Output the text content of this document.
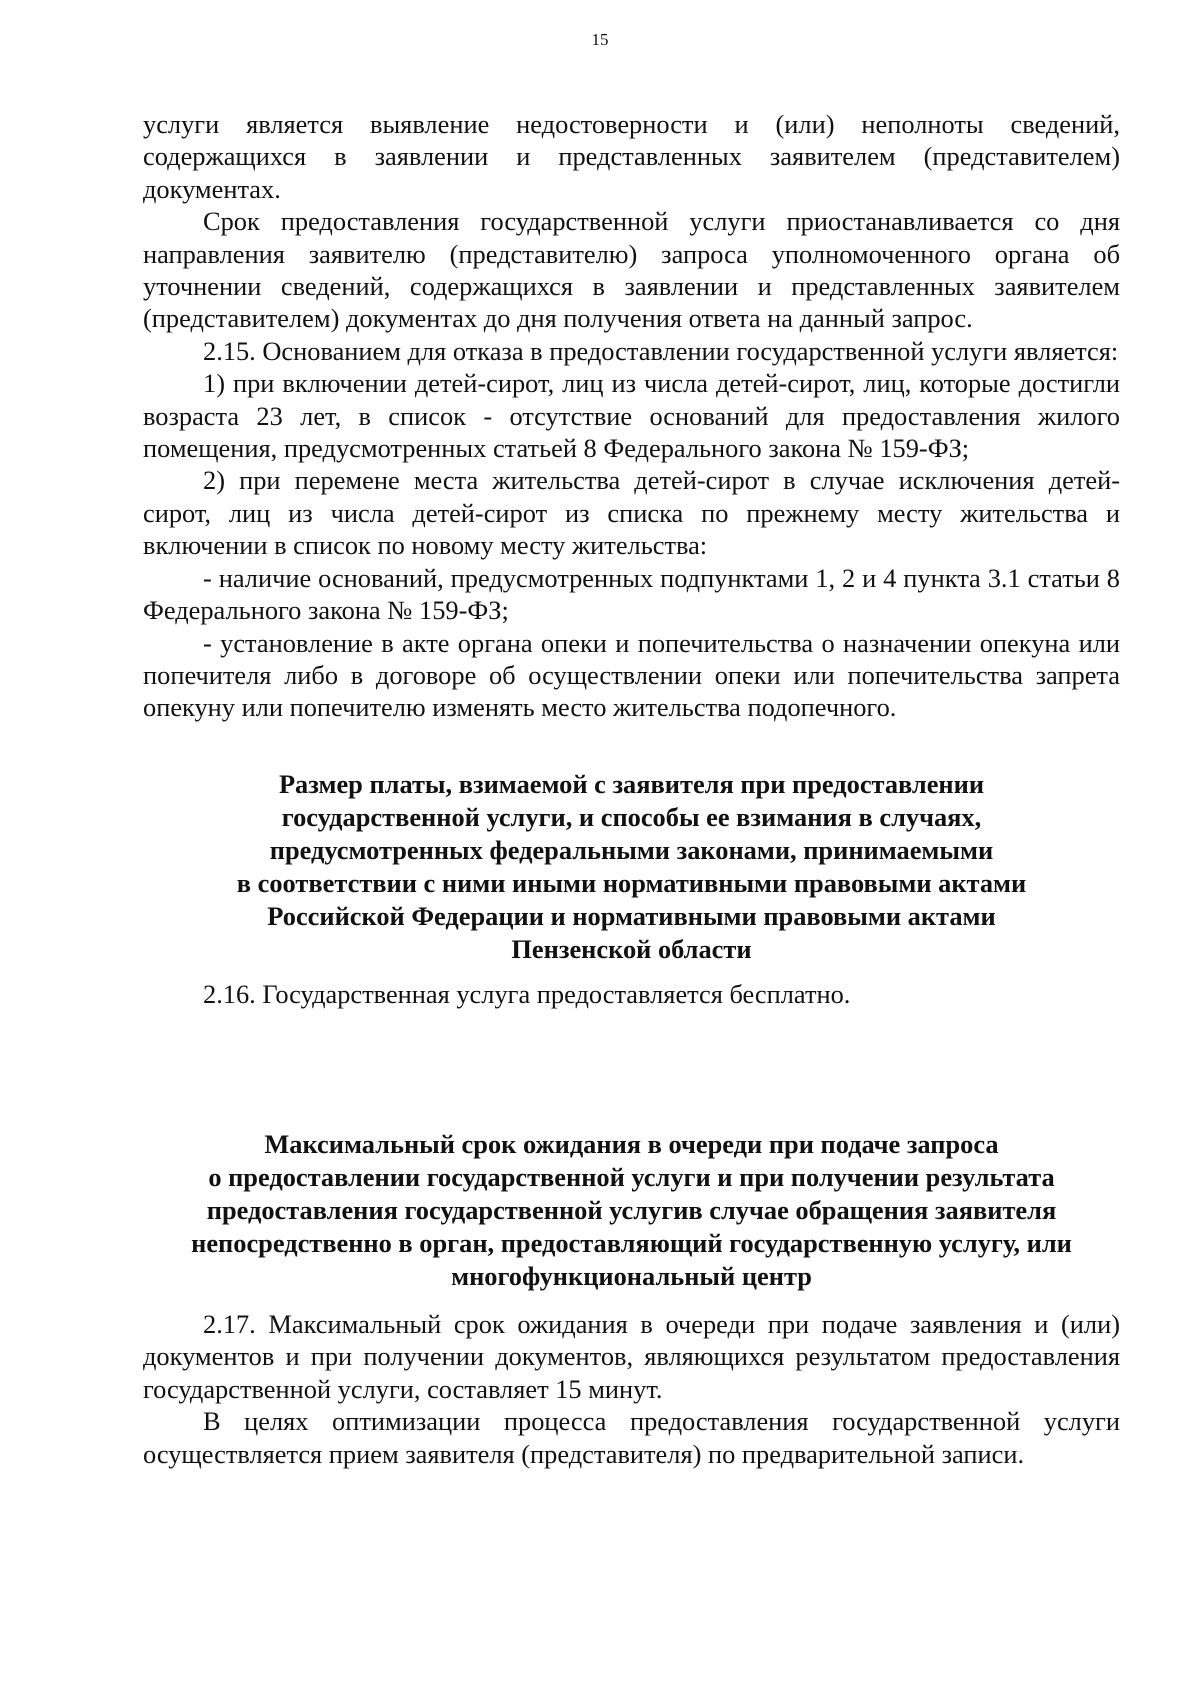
15

услуги является выявление недостоверности и (или) неполноты сведений, содержащихся в заявлении и представленных заявителем (представителем) документах.

Срок предоставления государственной услуги приостанавливается со дня направления заявителю (представителю) запроса уполномоченного органа об уточнении сведений, содержащихся в заявлении и представленных заявителем (представителем) документах до дня получения ответа на данный запрос.

2.15. Основанием для отказа в предоставлении государственной услуги является:

1) при включении детей-сирот, лиц из числа детей-сирот, лиц, которые достигли возраста 23 лет, в список - отсутствие оснований для предоставления жилого помещения, предусмотренных статьей 8 Федерального закона № 159-ФЗ;

2) при перемене места жительства детей-сирот в случае исключения детей-сирот, лиц из числа детей-сирот из списка по прежнему месту жительства и включении в список по новому месту жительства:

- наличие оснований, предусмотренных подпунктами 1, 2 и 4 пункта 3.1 статьи 8 Федерального закона № 159-ФЗ;

- установление в акте органа опеки и попечительства о назначении опекуна или попечителя либо в договоре об осуществлении опеки или попечительства запрета опекуну или попечителю изменять место жительства подопечного.

Размер платы, взимаемой с заявителя при предоставлении
государственной услуги, и способы ее взимания в случаях,
предусмотренных федеральными законами, принимаемыми
в соответствии с ними иными нормативными правовыми актами
Российской Федерации и нормативными правовыми актами
Пензенской области

2.16. Государственная услуга предоставляется бесплатно.

Максимальный срок ожидания в очереди при подаче запроса
о предоставлении государственной услуги и при получении результата
предоставления государственной услугив случае обращения заявителя
непосредственно в орган, предоставляющий государственную услугу, или
многофункциональный центр

2.17. Максимальный срок ожидания в очереди при подаче заявления и (или) документов и при получении документов, являющихся результатом предоставления государственной услуги, составляет 15 минут.

В целях оптимизации процесса предоставления государственной услуги осуществляется прием заявителя (представителя) по предварительной записи.
